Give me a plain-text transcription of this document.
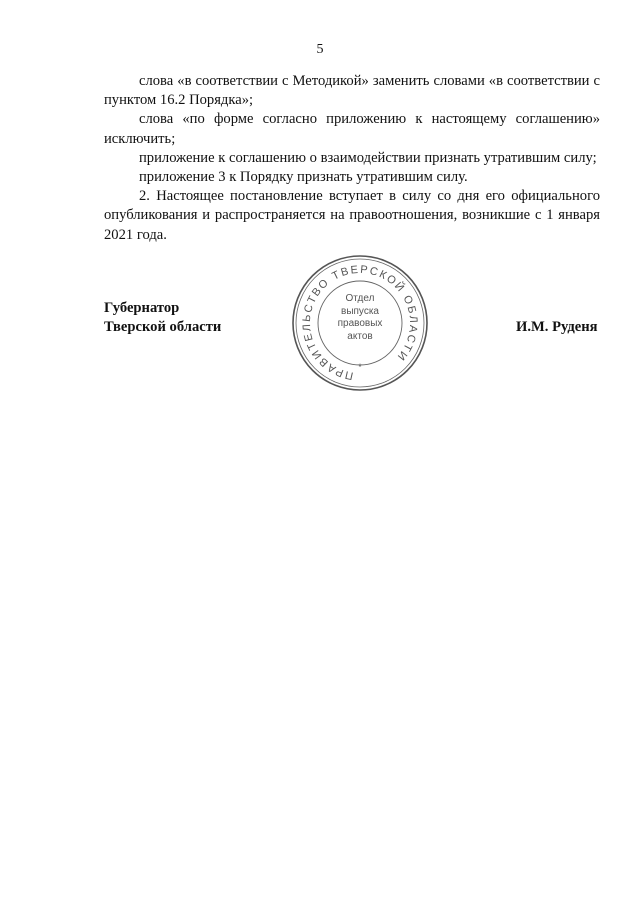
5

слова «в соответствии с Методикой» заменить словами «в соответствии с пунктом 16.2 Порядка»;

слова «по форме согласно приложению к настоящему соглашению» исключить;

приложение к соглашению о взаимодействии признать утратившим силу;

приложение 3 к Порядку признать утратившим силу.

2. Настоящее постановление вступает в силу со дня его официального опубликования и распространяется на правоотношения, возникшие с 1 января 2021 года.

Губернатор
Тверской области	И.М. Руденя
ПРАВИТЕЛЬСТВО ТВЕРСКОЙ ОБЛАСТИ
*
Отдел
выпуска
правовых
актов
